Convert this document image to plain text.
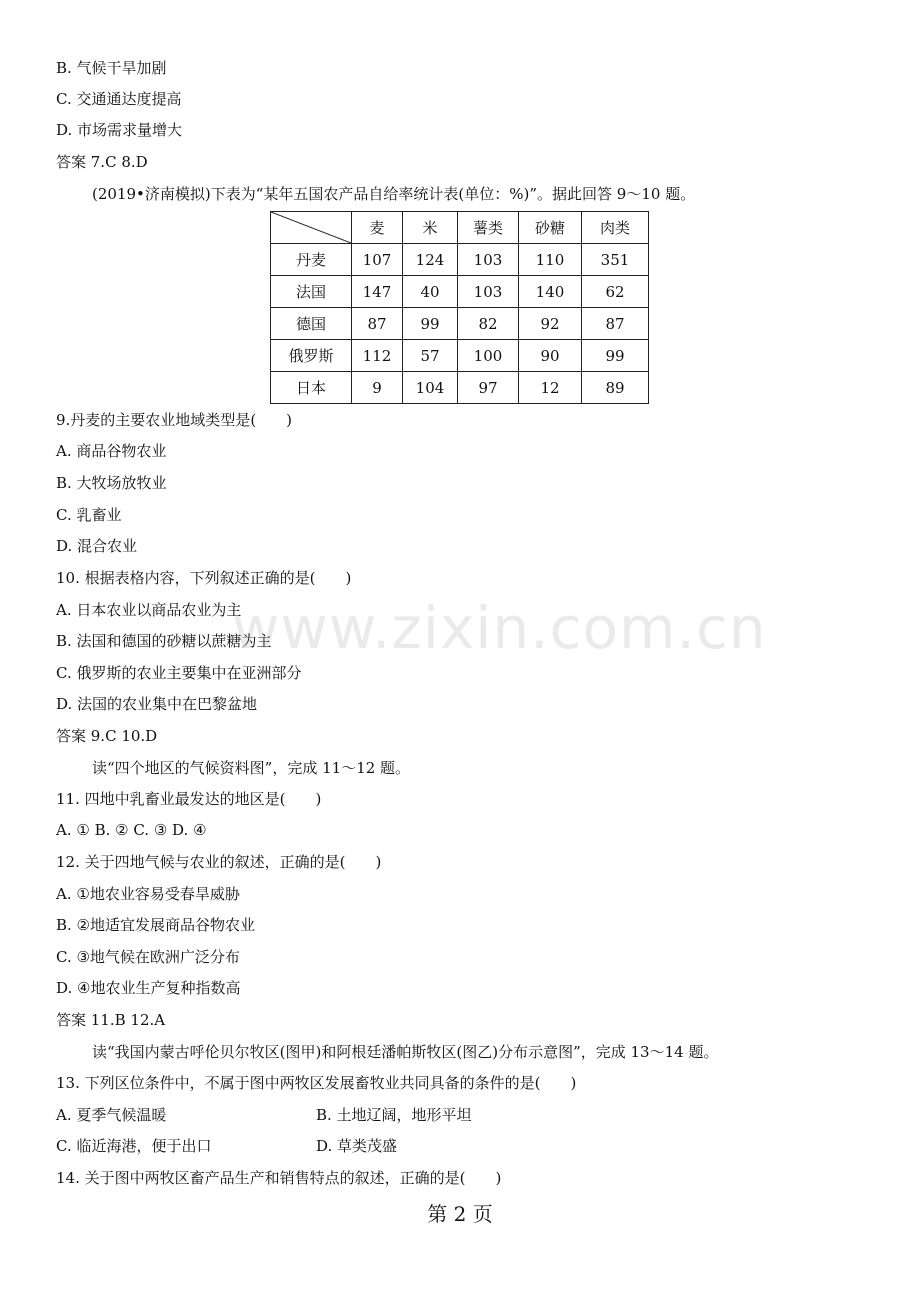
B. 气候干旱加剧
C. 交通通达度提高
D. 市场需求量增大
答案 7.C 8.D
(2019•济南模拟)下表为“某年五国农产品自给率统计表(单位：%)”。据此回答 9～10 题。
	麦	米	薯类	砂糖	肉类
丹麦	107	124	103	110	351
法国	147	40	103	140	62
德国	87	99	82	92	87
俄罗斯	112	57	100	90	99
日本	9	104	97	12	89
9.丹麦的主要农业地域类型是(　　)
A. 商品谷物农业
B. 大牧场放牧业
C. 乳畜业
D. 混合农业
10. 根据表格内容，下列叙述正确的是(　　)
A. 日本农业以商品农业为主
B. 法国和德国的砂糖以蔗糖为主
C. 俄罗斯的农业主要集中在亚洲部分
D. 法国的农业集中在巴黎盆地
答案 9.C 10.D
读“四个地区的气候资料图”，完成 11～12 题。
11. 四地中乳畜业最发达的地区是(　　)
A. ① B. ② C. ③ D. ④
12. 关于四地气候与农业的叙述，正确的是(　　)
A. ①地农业容易受春旱威胁
B. ②地适宜发展商品谷物农业
C. ③地气候在欧洲广泛分布
D. ④地农业生产复种指数高
答案 11.B 12.A
读“我国内蒙古呼伦贝尔牧区(图甲)和阿根廷潘帕斯牧区(图乙)分布示意图”，完成 13～14 题。
13. 下列区位条件中，不属于图中两牧区发展畜牧业共同具备的条件的是(　　)
A. 夏季气候温暖	B. 土地辽阔，地形平坦
C. 临近海港，便于出口	D. 草类茂盛
14. 关于图中两牧区畜产品生产和销售特点的叙述，正确的是(　　)
www.zixin.com.cn
第 2 页
